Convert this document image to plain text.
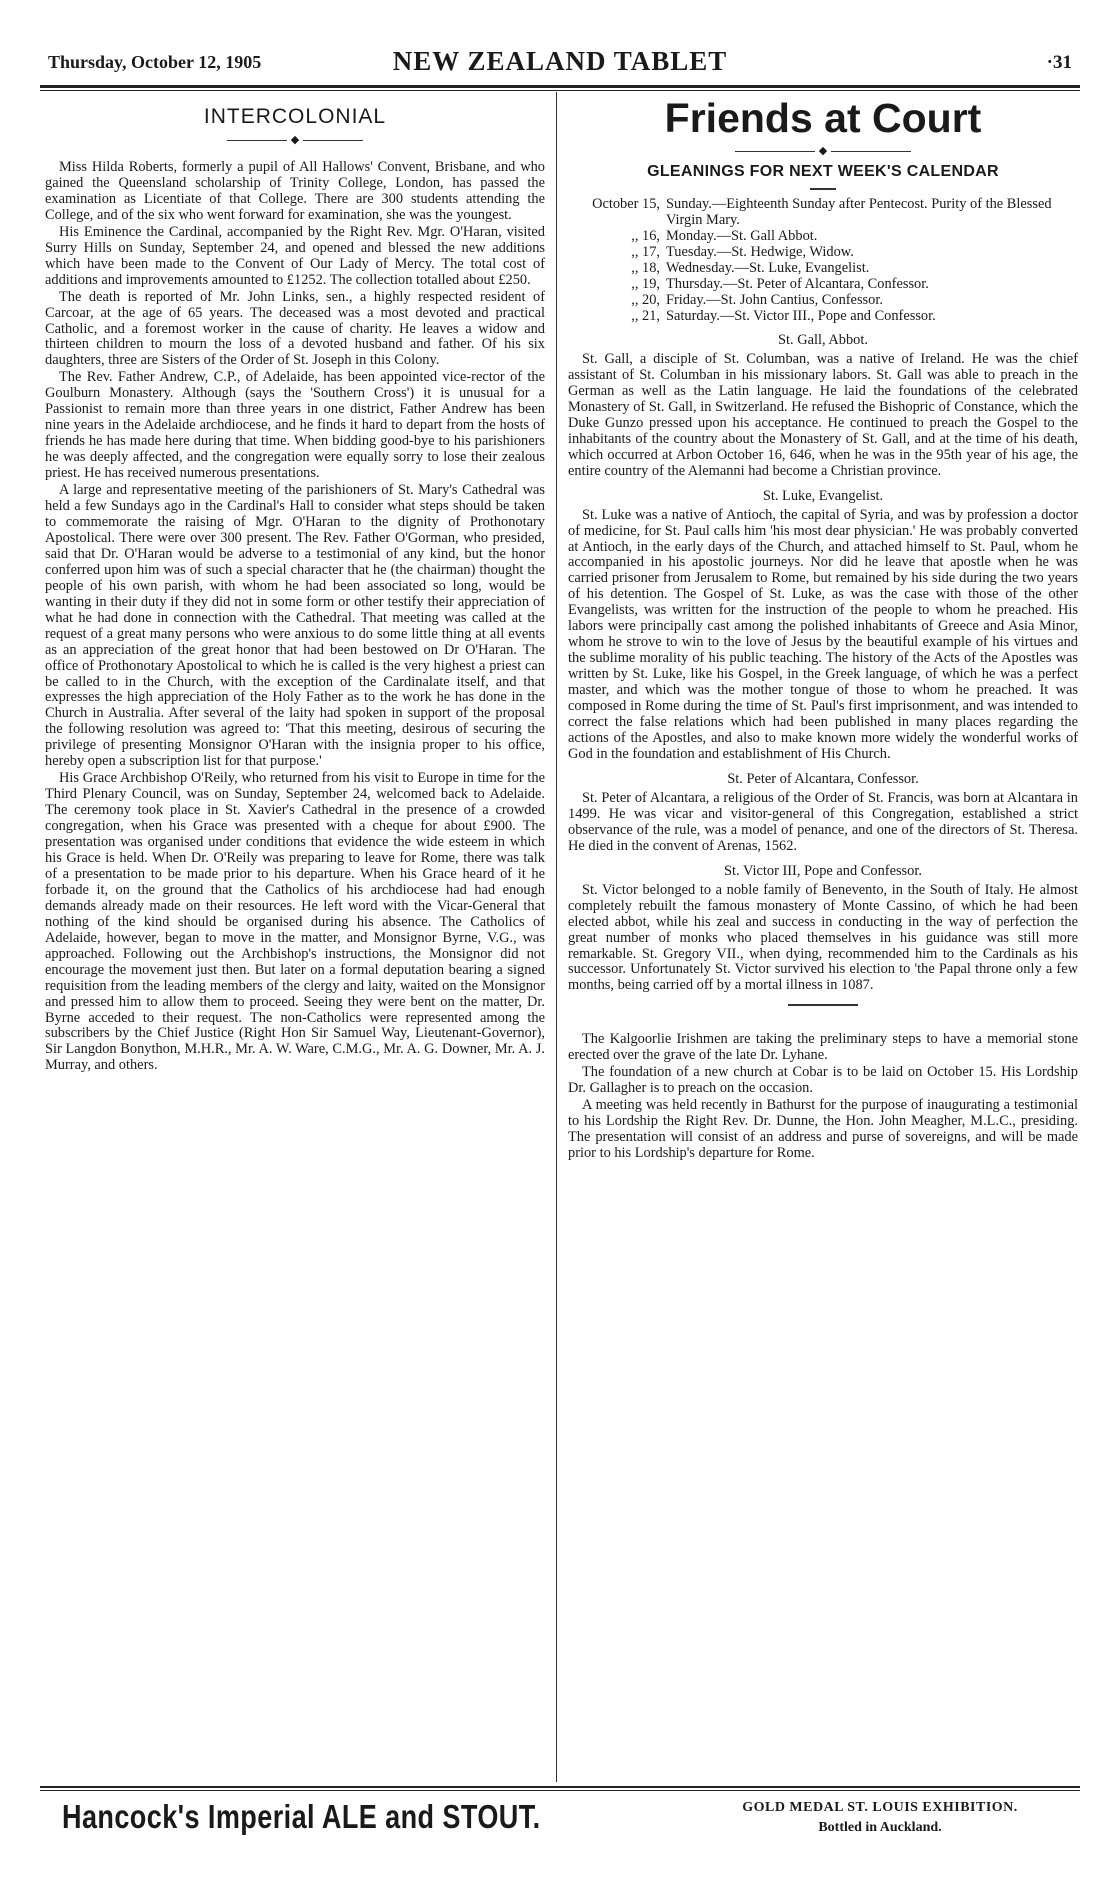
Thursday, October 12, 1905	NEW ZEALAND TABLET	·31
INTERCOLONIAL
◆

Miss Hilda Roberts, formerly a pupil of All Hallows' Convent, Brisbane, and who gained the Queensland scholarship of Trinity College, London, has passed the examination as Licentiate of that College. There are 300 students attending the College, and of the six who went forward for examination, she was the youngest.

His Eminence the Cardinal, accompanied by the Right Rev. Mgr. O'Haran, visited Surry Hills on Sunday, September 24, and opened and blessed the new additions which have been made to the Convent of Our Lady of Mercy. The total cost of additions and improvements amounted to £1252. The collection totalled about £250.

The death is reported of Mr. John Links, sen., a highly respected resident of Carcoar, at the age of 65 years. The deceased was a most devoted and practical Catholic, and a foremost worker in the cause of charity. He leaves a widow and thirteen children to mourn the loss of a devoted husband and father. Of his six daughters, three are Sisters of the Order of St. Joseph in this Colony.

The Rev. Father Andrew, C.P., of Adelaide, has been appointed vice-rector of the Goulburn Monastery. Although (says the 'Southern Cross') it is unusual for a Passionist to remain more than three years in one district, Father Andrew has been nine years in the Adelaide archdiocese, and he finds it hard to depart from the hosts of friends he has made here during that time. When bidding good-bye to his parishioners he was deeply affected, and the congregation were equally sorry to lose their zealous priest. He has received numerous presentations.

A large and representative meeting of the parishioners of St. Mary's Cathedral was held a few Sundays ago in the Cardinal's Hall to consider what steps should be taken to commemorate the raising of Mgr. O'Haran to the dignity of Prothonotary Apostolical. There were over 300 present. The Rev. Father O'Gorman, who presided, said that Dr. O'Haran would be adverse to a testimonial of any kind, but the honor conferred upon him was of such a special character that he (the chairman) thought the people of his own parish, with whom he had been associated so long, would be wanting in their duty if they did not in some form or other testify their appreciation of what he had done in connection with the Cathedral. That meeting was called at the request of a great many persons who were anxious to do some little thing at all events as an appreciation of the great honor that had been bestowed on Dr O'Haran. The office of Prothonotary Apostolical to which he is called is the very highest a priest can be called to in the Church, with the exception of the Cardinalate itself, and that expresses the high appreciation of the Holy Father as to the work he has done in the Church in Australia. After several of the laity had spoken in support of the proposal the following resolution was agreed to: 'That this meeting, desirous of securing the privilege of presenting Monsignor O'Haran with the insignia proper to his office, hereby open a subscription list for that purpose.'

His Grace Archbishop O'Reily, who returned from his visit to Europe in time for the Third Plenary Council, was on Sunday, September 24, welcomed back to Adelaide. The ceremony took place in St. Xavier's Cathedral in the presence of a crowded congregation, when his Grace was presented with a cheque for about £900. The presentation was organised under conditions that evidence the wide esteem in which his Grace is held. When Dr. O'Reily was preparing to leave for Rome, there was talk of a presentation to be made prior to his departure. When his Grace heard of it he forbade it, on the ground that the Catholics of his archdiocese had had enough demands already made on their resources. He left word with the Vicar-General that nothing of the kind should be organised during his absence. The Catholics of Adelaide, however, began to move in the matter, and Monsignor Byrne, V.G., was approached. Following out the Archbishop's instructions, the Monsignor did not encourage the movement just then. But later on a formal deputation bearing a signed requisition from the leading members of the clergy and laity, waited on the Monsignor and pressed him to allow them to proceed. Seeing they were bent on the matter, Dr. Byrne acceded to their request. The non-Catholics were represented among the subscribers by the Chief Justice (Right Hon Sir Samuel Way, Lieutenant-Governor), Sir Langdon Bonython, M.H.R., Mr. A. W. Ware, C.M.G., Mr. A. G. Downer, Mr. A. J. Murray, and others.

Friends at Court
◆
GLEANINGS FOR NEXT WEEK'S CALENDAR
October 15, Sunday.—Eighteenth Sunday after Pentecost. Purity of the Blessed Virgin Mary.
,, 16, Monday.—St. Gall Abbot.
,, 17, Tuesday.—St. Hedwige, Widow.
,, 18, Wednesday.—St. Luke, Evangelist.
,, 19, Thursday.—St. Peter of Alcantara, Confessor.
,, 20, Friday.—St. John Cantius, Confessor.
,, 21, Saturday.—St. Victor III., Pope and Confessor.
St. Gall, Abbot.

St. Gall, a disciple of St. Columban, was a native of Ireland. He was the chief assistant of St. Columban in his missionary labors. St. Gall was able to preach in the German as well as the Latin language. He laid the foundations of the celebrated Monastery of St. Gall, in Switzerland. He refused the Bishopric of Constance, which the Duke Gunzo pressed upon his acceptance. He continued to preach the Gospel to the inhabitants of the country about the Monastery of St. Gall, and at the time of his death, which occurred at Arbon October 16, 646, when he was in the 95th year of his age, the entire country of the Alemanni had become a Christian province.

St. Luke, Evangelist.

St. Luke was a native of Antioch, the capital of Syria, and was by profession a doctor of medicine, for St. Paul calls him 'his most dear physician.' He was probably converted at Antioch, in the early days of the Church, and attached himself to St. Paul, whom he accompanied in his apostolic journeys. Nor did he leave that apostle when he was carried prisoner from Jerusalem to Rome, but remained by his side during the two years of his detention. The Gospel of St. Luke, as was the case with those of the other Evangelists, was written for the instruction of the people to whom he preached. His labors were principally cast among the polished inhabitants of Greece and Asia Minor, whom he strove to win to the love of Jesus by the beautiful example of his virtues and the sublime morality of his public teaching. The history of the Acts of the Apostles was written by St. Luke, like his Gospel, in the Greek language, of which he was a perfect master, and which was the mother tongue of those to whom he preached. It was composed in Rome during the time of St. Paul's first imprisonment, and was intended to correct the false relations which had been published in many places regarding the actions of the Apostles, and also to make known more widely the wonderful works of God in the foundation and establishment of His Church.

St. Peter of Alcantara, Confessor.

St. Peter of Alcantara, a religious of the Order of St. Francis, was born at Alcantara in 1499. He was vicar and visitor-general of this Congregation, established a strict observance of the rule, was a model of penance, and one of the directors of St. Theresa. He died in the convent of Arenas, 1562.

St. Victor III, Pope and Confessor.

St. Victor belonged to a noble family of Benevento, in the South of Italy. He almost completely rebuilt the famous monastery of Monte Cassino, of which he had been elected abbot, while his zeal and success in conducting in the way of perfection the great number of monks who placed themselves in his guidance was still more remarkable. St. Gregory VII., when dying, recommended him to the Cardinals as his successor. Unfortunately St. Victor survived his election to 'the Papal throne only a few months, being carried off by a mortal illness in 1087.

The Kalgoorlie Irishmen are taking the preliminary steps to have a memorial stone erected over the grave of the late Dr. Lyhane.

The foundation of a new church at Cobar is to be laid on October 15. His Lordship Dr. Gallagher is to preach on the occasion.

A meeting was held recently in Bathurst for the purpose of inaugurating a testimonial to his Lordship the Right Rev. Dr. Dunne, the Hon. John Meagher, M.L.C., presiding. The presentation will consist of an address and purse of sovereigns, and will be made prior to his Lordship's departure for Rome.

Hancock's Imperial ALE and STOUT.	GOLD MEDAL ST. LOUIS EXHIBITION.
Bottled in Auckland.
